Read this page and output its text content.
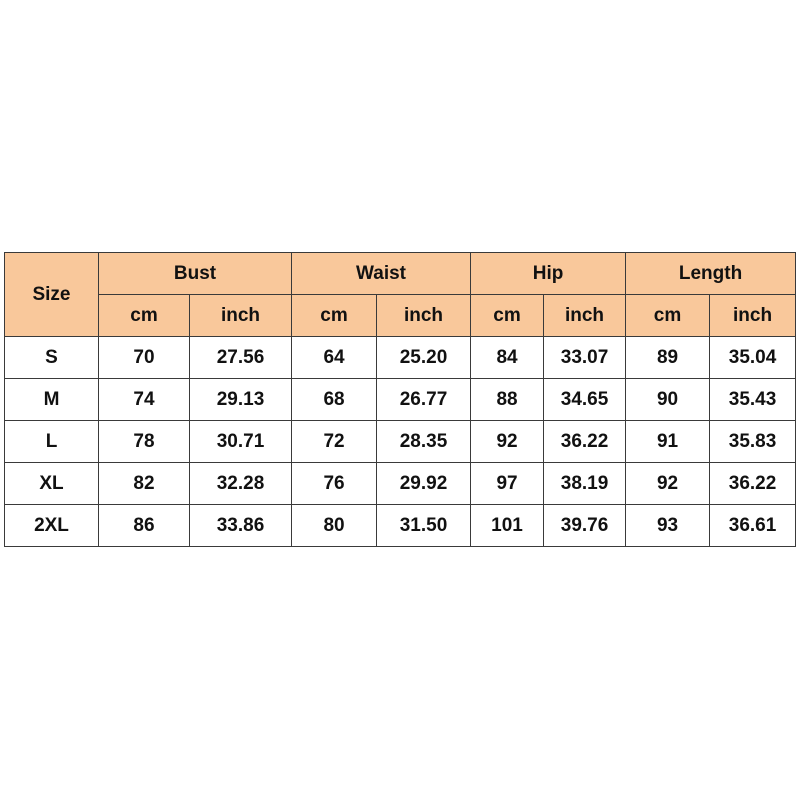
Size	Bust		Waist		Hip		Length	
	cm	inch	cm	inch	cm	inch	cm	inch
S	70	27.56	64	25.20	84	33.07	89	35.04
M	74	29.13	68	26.77	88	34.65	90	35.43
L	78	30.71	72	28.35	92	36.22	91	35.83
XL	82	32.28	76	29.92	97	38.19	92	36.22
2XL	86	33.86	80	31.50	101	39.76	93	36.61
